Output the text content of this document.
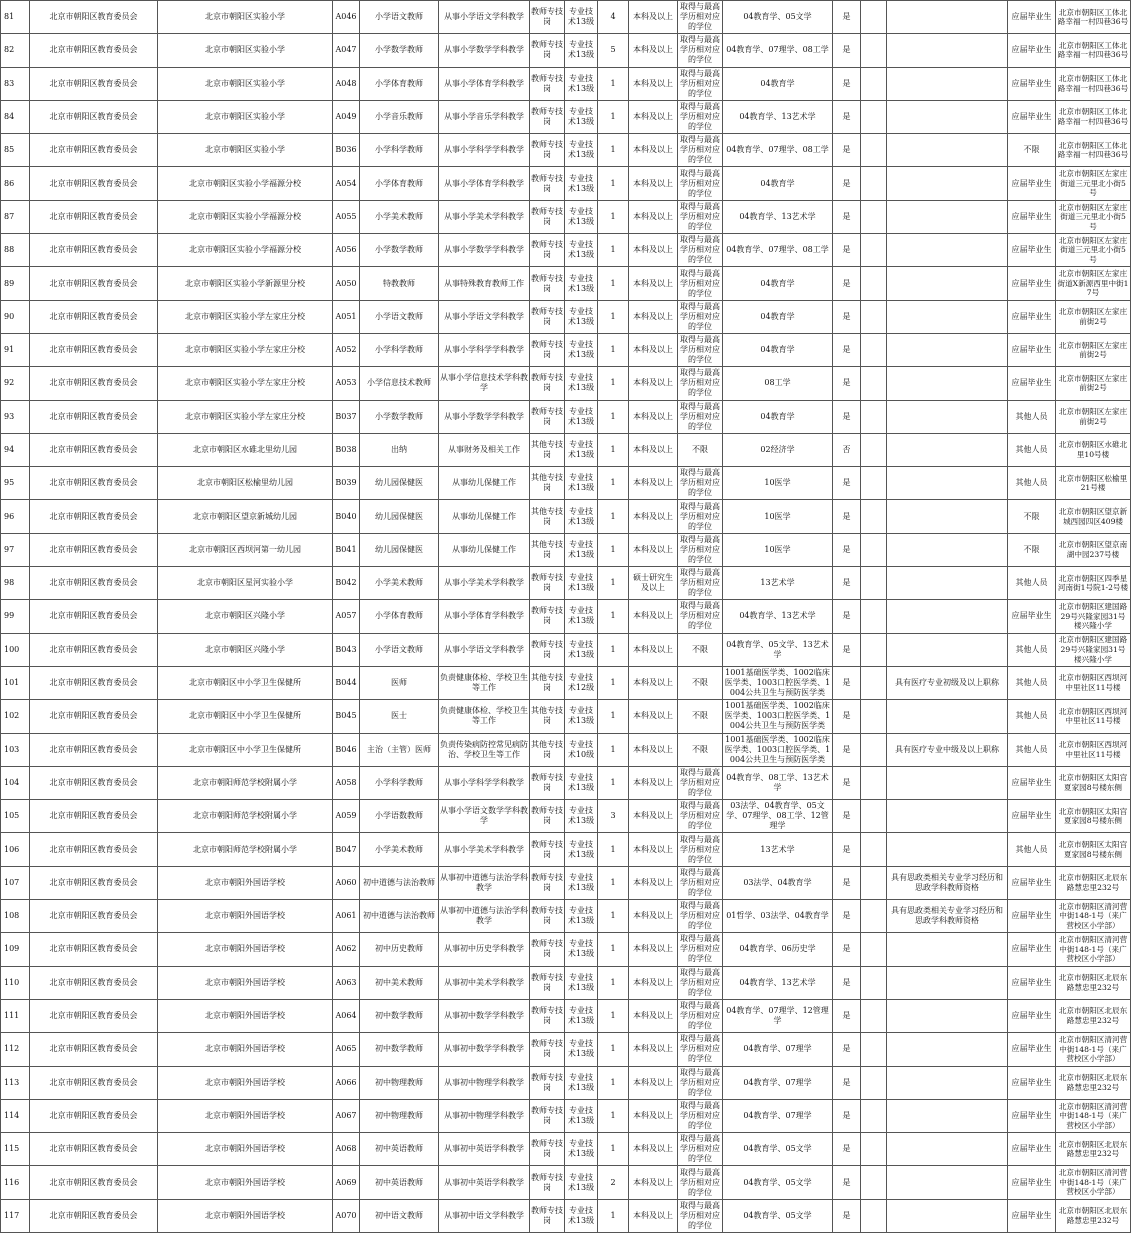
81	北京市朝阳区教育委员会	北京市朝阳区实验小学	A046	小学语文教师	从事小学语文学科教学	教师专技岗	专业技术13级	4	本科及以上	取得与最高学历相对应的学位	04教育学、05文学	是			应届毕业生	北京市朝阳区工体北路幸福一村四巷36号
82	北京市朝阳区教育委员会	北京市朝阳区实验小学	A047	小学数学教师	从事小学数学学科教学	教师专技岗	专业技术13级	5	本科及以上	取得与最高学历相对应的学位	04教育学、07理学、08工学	是			应届毕业生	北京市朝阳区工体北路幸福一村四巷36号
83	北京市朝阳区教育委员会	北京市朝阳区实验小学	A048	小学体育教师	从事小学体育学科教学	教师专技岗	专业技术13级	1	本科及以上	取得与最高学历相对应的学位	04教育学	是			应届毕业生	北京市朝阳区工体北路幸福一村四巷36号
84	北京市朝阳区教育委员会	北京市朝阳区实验小学	A049	小学音乐教师	从事小学音乐学科教学	教师专技岗	专业技术13级	1	本科及以上	取得与最高学历相对应的学位	04教育学、13艺术学	是			应届毕业生	北京市朝阳区工体北路幸福一村四巷36号
85	北京市朝阳区教育委员会	北京市朝阳区实验小学	B036	小学科学教师	从事小学科学学科教学	教师专技岗	专业技术13级	1	本科及以上	取得与最高学历相对应的学位	04教育学、07理学、08工学	是			不限	北京市朝阳区工体北路幸福一村四巷36号
86	北京市朝阳区教育委员会	北京市朝阳区实验小学福源分校	A054	小学体育教师	从事小学体育学科教学	教师专技岗	专业技术13级	1	本科及以上	取得与最高学历相对应的学位	04教育学	是			应届毕业生	北京市朝阳区左家庄街道三元里北小街5号
87	北京市朝阳区教育委员会	北京市朝阳区实验小学福源分校	A055	小学美术教师	从事小学美术学科教学	教师专技岗	专业技术13级	1	本科及以上	取得与最高学历相对应的学位	04教育学、13艺术学	是			应届毕业生	北京市朝阳区左家庄街道三元里北小街5号
88	北京市朝阳区教育委员会	北京市朝阳区实验小学福源分校	A056	小学数学教师	从事小学数学学科教学	教师专技岗	专业技术13级	1	本科及以上	取得与最高学历相对应的学位	04教育学、07理学、08工学	是			应届毕业生	北京市朝阳区左家庄街道三元里北小街5号
89	北京市朝阳区教育委员会	北京市朝阳区实验小学新源里分校	A050	特教教师	从事特殊教育教师工作	教师专技岗	专业技术13级	1	本科及以上	取得与最高学历相对应的学位	04教育学	是			应届毕业生	北京市朝阳区左家庄街道X新源西里中街17号
90	北京市朝阳区教育委员会	北京市朝阳区实验小学左家庄分校	A051	小学语文教师	从事小学语文学科教学	教师专技岗	专业技术13级	1	本科及以上	取得与最高学历相对应的学位	04教育学	是			应届毕业生	北京市朝阳区左家庄前街2号
91	北京市朝阳区教育委员会	北京市朝阳区实验小学左家庄分校	A052	小学科学教师	从事小学科学学科教学	教师专技岗	专业技术13级	1	本科及以上	取得与最高学历相对应的学位	04教育学	是			应届毕业生	北京市朝阳区左家庄前街2号
92	北京市朝阳区教育委员会	北京市朝阳区实验小学左家庄分校	A053	小学信息技术教师	从事小学信息技术学科教学	教师专技岗	专业技术13级	1	本科及以上	取得与最高学历相对应的学位	08工学	是			应届毕业生	北京市朝阳区左家庄前街2号
93	北京市朝阳区教育委员会	北京市朝阳区实验小学左家庄分校	B037	小学数学教师	从事小学数学学科教学	教师专技岗	专业技术13级	1	本科及以上	取得与最高学历相对应的学位	04教育学	是			其他人员	北京市朝阳区左家庄前街2号
94	北京市朝阳区教育委员会	北京市朝阳区水碓北里幼儿园	B038	出纳	从事财务及相关工作	其他专技岗	专业技术13级	1	本科及以上	不限	02经济学	否			其他人员	北京市朝阳区水碓北里10号楼
95	北京市朝阳区教育委员会	北京市朝阳区松榆里幼儿园	B039	幼儿园保健医	从事幼儿保健工作	其他专技岗	专业技术13级	1	本科及以上	取得与最高学历相对应的学位	10医学	是			其他人员	北京市朝阳区松榆里21号楼
96	北京市朝阳区教育委员会	北京市朝阳区望京新城幼儿园	B040	幼儿园保健医	从事幼儿保健工作	其他专技岗	专业技术13级	1	本科及以上	取得与最高学历相对应的学位	10医学	是			不限	北京市朝阳区望京新城西园四区409楼
97	北京市朝阳区教育委员会	北京市朝阳区西坝河第一幼儿园	B041	幼儿园保健医	从事幼儿保健工作	其他专技岗	专业技术13级	1	本科及以上	取得与最高学历相对应的学位	10医学	是			不限	北京市朝阳区望京南湖中园237号楼
98	北京市朝阳区教育委员会	北京市朝阳区星河实验小学	B042	小学美术教师	从事小学美术学科教学	教师专技岗	专业技术13级	1	硕士研究生及以上	取得与最高学历相对应的学位	13艺术学	是			其他人员	北京市朝阳区四季星河南街1号院1-2号楼
99	北京市朝阳区教育委员会	北京市朝阳区兴隆小学	A057	小学体育教师	从事小学体育学科教学	教师专技岗	专业技术13级	1	本科及以上	取得与最高学历相对应的学位	04教育学、13艺术学	是			应届毕业生	北京市朝阳区建国路29号兴隆家园31号楼兴隆小学
100	北京市朝阳区教育委员会	北京市朝阳区兴隆小学	B043	小学语文教师	从事小学语文学科教学	教师专技岗	专业技术13级	1	本科及以上	不限	04教育学、05文学、13艺术学	是			其他人员	北京市朝阳区建国路29号兴隆家园31号楼兴隆小学
101	北京市朝阳区教育委员会	北京市朝阳区中小学卫生保健所	B044	医师	负责健康体检、学校卫生等工作	其他专技岗	专业技术12级	1	本科及以上	不限	1001基础医学类、1002临床医学类、1003口腔医学类、1004公共卫生与预防医学类	是		具有医疗专业初级及以上职称	其他人员	北京市朝阳区西坝河中里社区11号楼
102	北京市朝阳区教育委员会	北京市朝阳区中小学卫生保健所	B045	医士	负责健康体检、学校卫生等工作	其他专技岗	专业技术13级	1	本科及以上	不限	1001基础医学类、1002临床医学类、1003口腔医学类、1004公共卫生与预防医学类	是			其他人员	北京市朝阳区西坝河中里社区11号楼
103	北京市朝阳区教育委员会	北京市朝阳区中小学卫生保健所	B046	主治（主管）医师	负责传染病防控常见病防治、学校卫生等工作	其他专技岗	专业技术10级	1	本科及以上	不限	1001基础医学类、1002临床医学类、1003口腔医学类、1004公共卫生与预防医学类	是		具有医疗专业中级及以上职称	其他人员	北京市朝阳区西坝河中里社区11号楼
104	北京市朝阳区教育委员会	北京市朝阳师范学校附属小学	A058	小学科学教师	从事小学科学学科教学	教师专技岗	专业技术13级	1	本科及以上	取得与最高学历相对应的学位	04教育学、08工学、13艺术学	是			应届毕业生	北京市朝阳区太阳宫夏家园8号楼东侧
105	北京市朝阳区教育委员会	北京市朝阳师范学校附属小学	A059	小学语数教师	从事小学语文数学学科教学	教师专技岗	专业技术13级	3	本科及以上	取得与最高学历相对应的学位	03法学、04教育学、05文学、07理学、08工学、12管理学	是			应届毕业生	北京市朝阳区太阳宫夏家园8号楼东侧
106	北京市朝阳区教育委员会	北京市朝阳师范学校附属小学	B047	小学美术教师	从事小学美术学科教学	教师专技岗	专业技术13级	1	本科及以上	取得与最高学历相对应的学位	13艺术学	是			其他人员	北京市朝阳区太阳宫夏家园8号楼东侧
107	北京市朝阳区教育委员会	北京市朝阳外国语学校	A060	初中道德与法治教师	从事初中道德与法治学科教学	教师专技岗	专业技术13级	1	本科及以上	取得与最高学历相对应的学位	03法学、04教育学	是		具有思政类相关专业学习经历和思政学科教师资格	应届毕业生	北京市朝阳区北辰东路慧忠里232号
108	北京市朝阳区教育委员会	北京市朝阳外国语学校	A061	初中道德与法治教师	从事初中道德与法治学科教学	教师专技岗	专业技术13级	1	本科及以上	取得与最高学历相对应的学位	01哲学、03法学、04教育学	是		具有思政类相关专业学习经历和思政学科教师资格	应届毕业生	北京市朝阳区清河营中街148-1号（来广营校区小学部）
109	北京市朝阳区教育委员会	北京市朝阳外国语学校	A062	初中历史教师	从事初中历史学科教学	教师专技岗	专业技术13级	1	本科及以上	取得与最高学历相对应的学位	04教育学、06历史学	是			应届毕业生	北京市朝阳区清河营中街148-1号（来广营校区小学部）
110	北京市朝阳区教育委员会	北京市朝阳外国语学校	A063	初中美术教师	从事初中美术学科教学	教师专技岗	专业技术13级	1	本科及以上	取得与最高学历相对应的学位	04教育学、13艺术学	是			应届毕业生	北京市朝阳区北辰东路慧忠里232号
111	北京市朝阳区教育委员会	北京市朝阳外国语学校	A064	初中数学教师	从事初中数学学科教学	教师专技岗	专业技术13级	1	本科及以上	取得与最高学历相对应的学位	04教育学、07理学、12管理学	是			应届毕业生	北京市朝阳区北辰东路慧忠里232号
112	北京市朝阳区教育委员会	北京市朝阳外国语学校	A065	初中数学教师	从事初中数学学科教学	教师专技岗	专业技术13级	1	本科及以上	取得与最高学历相对应的学位	04教育学、07理学	是			应届毕业生	北京市朝阳区清河营中街148-1号（来广营校区小学部）
113	北京市朝阳区教育委员会	北京市朝阳外国语学校	A066	初中物理教师	从事初中物理学科教学	教师专技岗	专业技术13级	1	本科及以上	取得与最高学历相对应的学位	04教育学、07理学	是			应届毕业生	北京市朝阳区北辰东路慧忠里232号
114	北京市朝阳区教育委员会	北京市朝阳外国语学校	A067	初中物理教师	从事初中物理学科教学	教师专技岗	专业技术13级	1	本科及以上	取得与最高学历相对应的学位	04教育学、07理学	是			应届毕业生	北京市朝阳区清河营中街148-1号（来广营校区小学部）
115	北京市朝阳区教育委员会	北京市朝阳外国语学校	A068	初中英语教师	从事初中英语学科教学	教师专技岗	专业技术13级	1	本科及以上	取得与最高学历相对应的学位	04教育学、05文学	是			应届毕业生	北京市朝阳区北辰东路慧忠里232号
116	北京市朝阳区教育委员会	北京市朝阳外国语学校	A069	初中英语教师	从事初中英语学科教学	教师专技岗	专业技术13级	2	本科及以上	取得与最高学历相对应的学位	04教育学、05文学	是			应届毕业生	北京市朝阳区清河营中街148-1号（来广营校区小学部）
117	北京市朝阳区教育委员会	北京市朝阳外国语学校	A070	初中语文教师	从事初中语文学科教学	教师专技岗	专业技术13级	1	本科及以上	取得与最高学历相对应的学位	04教育学、05文学	是			应届毕业生	北京市朝阳区北辰东路慧忠里232号
